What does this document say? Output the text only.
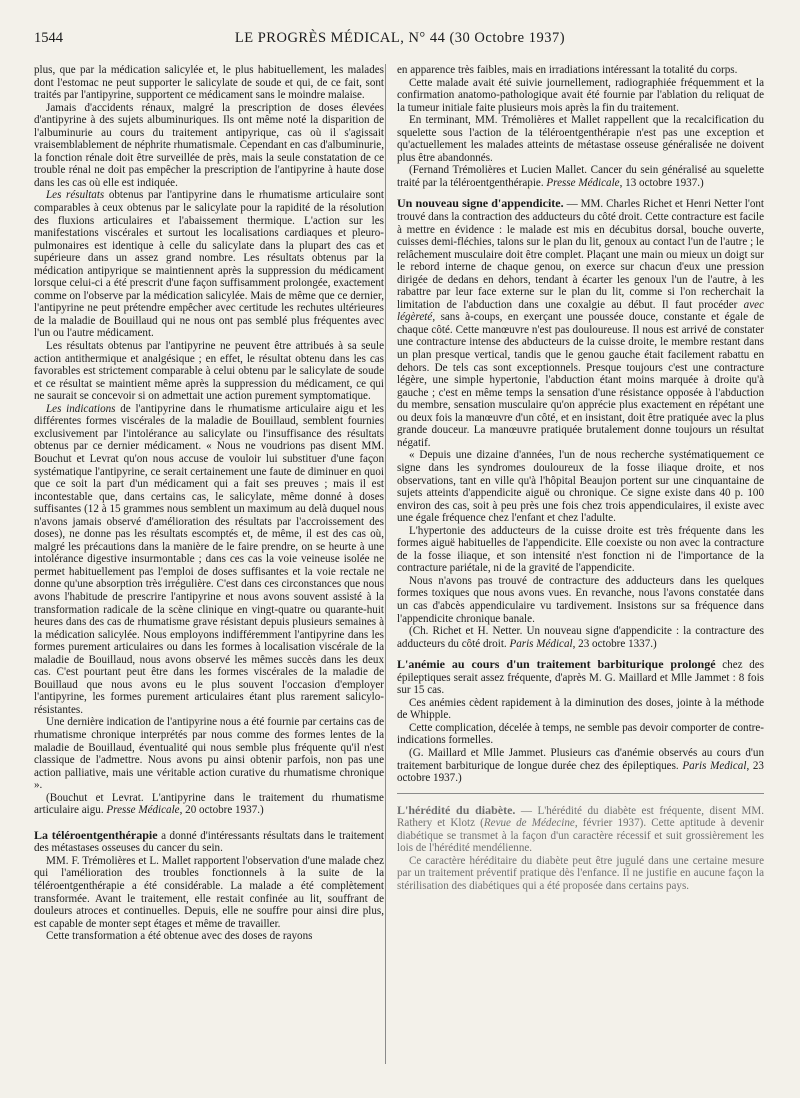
1544	LE PROGRÈS MÉDICAL, N° 44 (30 Octobre 1937)

plus, que par la médication salicylée et, le plus habituellement, les malades dont l'estomac ne peut supporter le salicylate de soude et qui, de ce fait, sont traités par l'antipyrine, supportent ce médicament sans le moindre malaise.

Jamais d'accidents rénaux, malgré la prescription de doses élevées d'antipyrine à des sujets albuminuriques. Ils ont même noté la disparition de l'albuminurie au cours du traitement antipyrique, cas où il s'agissait vraisemblablement de néphrite rhumatismale. Cependant en cas d'albuminurie, la fonction rénale doit être surveillée de près, mais la seule constatation de ce trouble rénal ne doit pas empêcher la prescription de l'antipyrine à haute dose dans les cas où elle est indiquée.

Les résultats obtenus par l'antipyrine dans le rhumatisme articulaire sont comparables à ceux obtenus par le salicylate pour la rapidité de la résolution des fluxions articulaires et l'abaissement thermique. L'action sur les manifestations viscérales et surtout les localisations cardiaques et pleuro-pulmonaires est identique à celle du salicylate dans la plupart des cas et supérieure dans un assez grand nombre. Les résultats obtenus par la médication antipyrique se maintiennent après la suppression du médicament lorsque celui-ci a été prescrit d'une façon suffisamment prolongée, exactement comme on l'observe par la médication salicylée. Mais de même que ce dernier, l'antipyrine ne peut prétendre empêcher avec certitude les rechutes ultérieures de la maladie de Bouillaud qui ne nous ont pas semblé plus fréquentes avec l'un ou l'autre médicament.

Les résultats obtenus par l'antipyrine ne peuvent être attribués à sa seule action antithermique et analgésique ; en effet, le résultat obtenu dans les cas favorables est strictement comparable à celui obtenu par le salicylate de soude et ce résultat se maintient même après la suppression du médicament, ce qui ne saurait se concevoir si on admettait une action purement symptomatique.

Les indications de l'antipyrine dans le rhumatisme articulaire aigu et les différentes formes viscérales de la maladie de Bouillaud, semblent fournies exclusivement par l'intolérance au salicylate ou l'insuffisance des résultats obtenus par ce dernier médicament. « Nous ne voudrions pas disent MM. Bouchut et Levrat qu'on nous accuse de vouloir lui substituer d'une façon systématique l'antipyrine, ce serait certainement une faute de diminuer en quoi que ce soit la part d'un médicament qui a fait ses preuves ; mais il est incontestable que, dans certains cas, le salicylate, même donné à doses suffisantes (12 à 15 grammes nous semblent un maximum au delà duquel nous n'avons jamais observé d'amélioration des résultats par l'accroissement des doses), ne donne pas les résultats escomptés et, de même, il est des cas où, malgré les précautions dans la manière de le faire prendre, on se heurte à une intolérance digestive insurmontable ; dans ces cas la voie veineuse isolée ne permet habituellement pas l'emploi de doses suffisantes et la voie rectale ne donne qu'une absorption très irrégulière. C'est dans ces circonstances que nous avons l'habitude de prescrire l'antipyrine et nous avons souvent assisté à la transformation radicale de la scène clinique en vingt-quatre ou quarante-huit heures dans des cas de rhumatisme grave résistant depuis plusieurs semaines à la médication salicylée. Nous employons indifféremment l'antipyrine dans les formes purement articulaires ou dans les formes à localisation viscérale de la maladie de Bouillaud, nous avons observé les mêmes succès dans les deux cas. C'est pourtant peut être dans les formes viscérales de la maladie de Bouillaud que nous avons eu le plus souvent l'occasion d'employer l'antipyrine, les formes purement articulaires étant plus rarement salicylo-résistantes.

Une dernière indication de l'antipyrine nous a été fournie par certains cas de rhumatisme chronique interprétés par nous comme des formes lentes de la maladie de Bouillaud, éventualité qui nous semble plus fréquente qu'il n'est classique de l'admettre. Nous avons pu ainsi obtenir parfois, non pas une action palliative, mais une véritable action curative du rhumatisme chronique ».

(Bouchut et Levrat. L'antipyrine dans le traitement du rhumatisme articulaire aigu. Presse Médicale, 20 octobre 1937.)

La téléroentgenthérapie a donné d'intéressants résultats dans le traitement des métastases osseuses du cancer du sein.

MM. F. Trémolières et L. Mallet rapportent l'observation d'une malade chez qui l'amélioration des troubles fonctionnels à la suite de la téléroentgenthérapie a été considérable. La malade a été complètement transformée. Avant le traitement, elle restait confinée au lit, souffrant de douleurs atroces et continuelles. Depuis, elle ne souffre pour ainsi dire plus, est capable de monter sept étages et même de travailler.

Cette transformation a été obtenue avec des doses de rayons

en apparence très faibles, mais en irradiations intéressant la totalité du corps.

Cette malade avait été suivie journellement, radiographiée fréquemment et la confirmation anatomo-pathologique avait été fournie par l'ablation du reliquat de la tumeur initiale faite plusieurs mois après la fin du traitement.

En terminant, MM. Trémolières et Mallet rappellent que la recalcification du squelette sous l'action de la téléroentgenthérapie n'est pas une exception et qu'actuellement les malades atteints de métastase osseuse généralisée ne doivent plus être abandonnés.

(Fernand Trémolières et Lucien Mallet. Cancer du sein généralisé au squelette traité par la téléroentgenthérapie. Presse Médicale, 13 octobre 1937.)

Un nouveau signe d'appendicite. — MM. Charles Richet et Henri Netter l'ont trouvé dans la contraction des adducteurs du côté droit. Cette contracture est facile à mettre en évidence : le malade est mis en décubitus dorsal, bouche ouverte, cuisses demi-fléchies, talons sur le plan du lit, genoux au contact l'un de l'autre ; le relâchement musculaire doit être complet. Plaçant une main ou mieux un doigt sur le rebord interne de chaque genou, on exerce sur chacun d'eux une pression dirigée de dedans en dehors, tendant à écarter les genoux l'un de l'autre, à les rabattre par leur face externe sur le plan du lit, comme si l'on recherchait la limitation de l'abduction dans une coxalgie au début. Il faut procéder avec légèreté, sans à-coups, en exerçant une poussée douce, constante et égale de chaque côté. Cette manœuvre n'est pas douloureuse. Il nous est arrivé de constater une contracture intense des abducteurs de la cuisse droite, le membre restant dans un plan presque vertical, tandis que le genou gauche était facilement rabattu en dehors. De tels cas sont exceptionnels. Presque toujours c'est une contracture légère, une simple hypertonie, l'abduction étant moins marquée à droite qu'à gauche ; c'est en même temps la sensation d'une résistance opposée à l'abduction du membre, sensation musculaire qu'on apprécie plus exactement en répétant une ou deux fois la manœuvre d'un côté, et en insistant, doit être pratiquée avec la plus grande douceur. La manœuvre pratiquée brutalement donne toujours un résultat négatif.

« Depuis une dizaine d'années, l'un de nous recherche systématiquement ce signe dans les syndromes douloureux de la fosse iliaque droite, et nos observations, tant en ville qu'à l'hôpital Beaujon portent sur une cinquantaine de sujets atteints d'appendicite aiguë ou chronique. Ce signe existe dans 40 p. 100 environ des cas, soit à peu près une fois chez trois appendiculaires, il existe avec une égale fréquence chez l'enfant et chez l'adulte.

L'hypertonie des adducteurs de la cuisse droite est très fréquente dans les formes aiguë habituelles de l'appendicite. Elle coexiste ou non avec la contracture de la fosse iliaque, et son intensité n'est fonction ni de l'importance de la contracture pariétale, ni de la gravité de l'appendicite.

Nous n'avons pas trouvé de contracture des adducteurs dans les quelques formes toxiques que nous avons vues. En revanche, nous l'avons constatée dans un cas d'abcès appendiculaire vu tardivement. Insistons sur sa fréquence dans l'appendicite chronique banale.

(Ch. Richet et H. Netter. Un nouveau signe d'appendicite : la contracture des adducteurs du côté droit. Paris Médical, 23 octobre 1337.)

L'anémie au cours d'un traitement barbiturique prolongé chez des épileptiques serait assez fréquente, d'après M. G. Maillard et Mlle Jammet : 8 fois sur 15 cas.

Ces anémies cèdent rapidement à la diminution des doses, jointe à la méthode de Whipple.

Cette complication, décelée à temps, ne semble pas devoir comporter de contre-indications formelles.

(G. Maillard et Mlle Jammet. Plusieurs cas d'anémie observés au cours d'un traitement barbiturique de longue durée chez des épileptiques. Paris Medical, 23 octobre 1937.)

L'hérédité du diabète. — L'hérédité du diabète est fréquente, disent MM. Rathery et Klotz (Revue de Médecine, février 1937). Cette aptitude à devenir diabétique se transmet à la façon d'un caractère récessif et suit grossièrement les lois de l'hérédité mendélienne.

Ce caractère héréditaire du diabète peut être jugulé dans une certaine mesure par un traitement préventif pratique dès l'enfance. Il ne justifie en aucune façon la stérilisation des diabétiques qui a été proposée dans certains pays.
